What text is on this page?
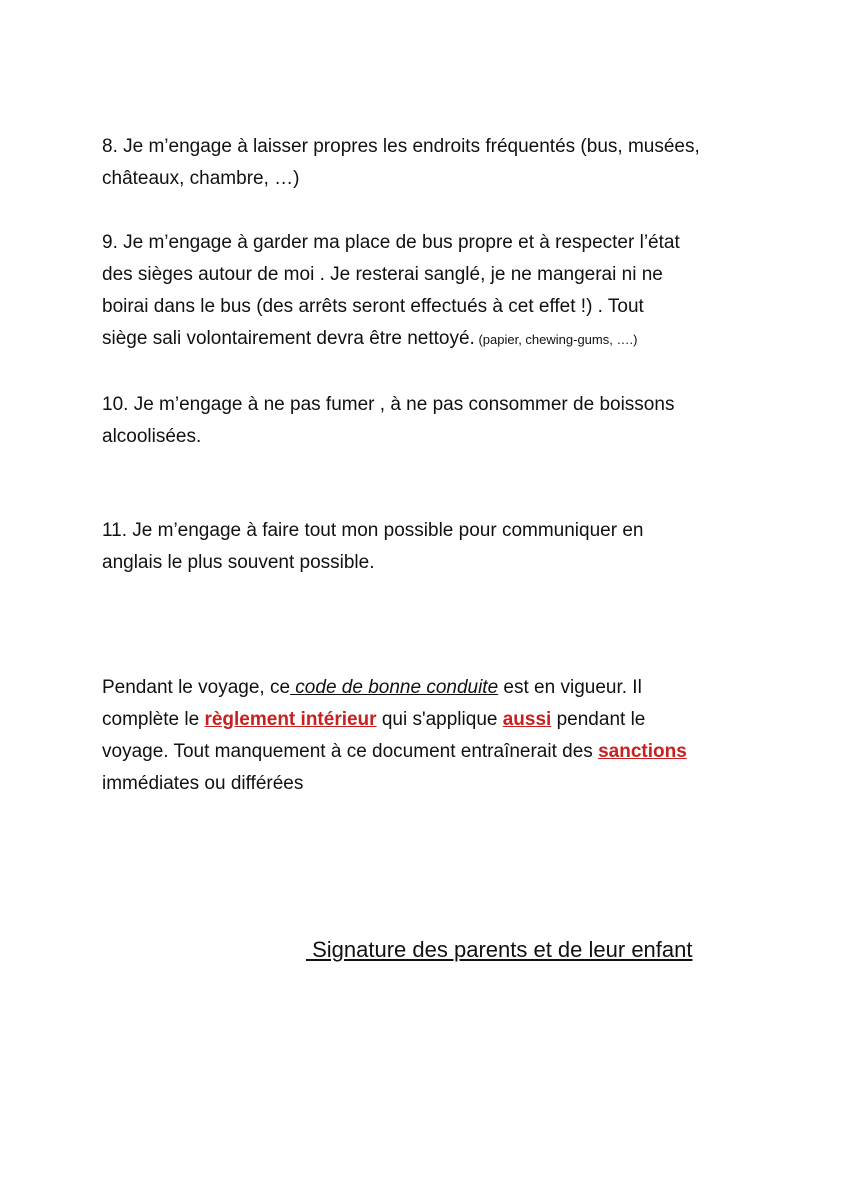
8. Je m’engage à laisser propres les endroits fréquentés (bus, musées,
châteaux, chambre, …)

9. Je m’engage à garder ma place de bus propre et à respecter l’état
des sièges autour de moi . Je resterai sanglé, je ne mangerai ni ne
boirai dans le bus (des arrêts seront effectués à cet effet !) . Tout
siège sali volontairement devra être nettoyé. (papier, chewing-gums, ….)

10. Je m’engage à ne pas fumer , à ne pas consommer de boissons
alcoolisées.

11. Je m’engage à faire tout mon possible pour communiquer en
anglais le plus souvent possible.

Pendant le voyage, ce code de bonne conduite est en vigueur. Il
complète le règlement intérieur qui s'applique aussi pendant le
voyage. Tout manquement à ce document entraînerait des sanctions
immédiates ou différées

Signature des parents et de leur enfant
